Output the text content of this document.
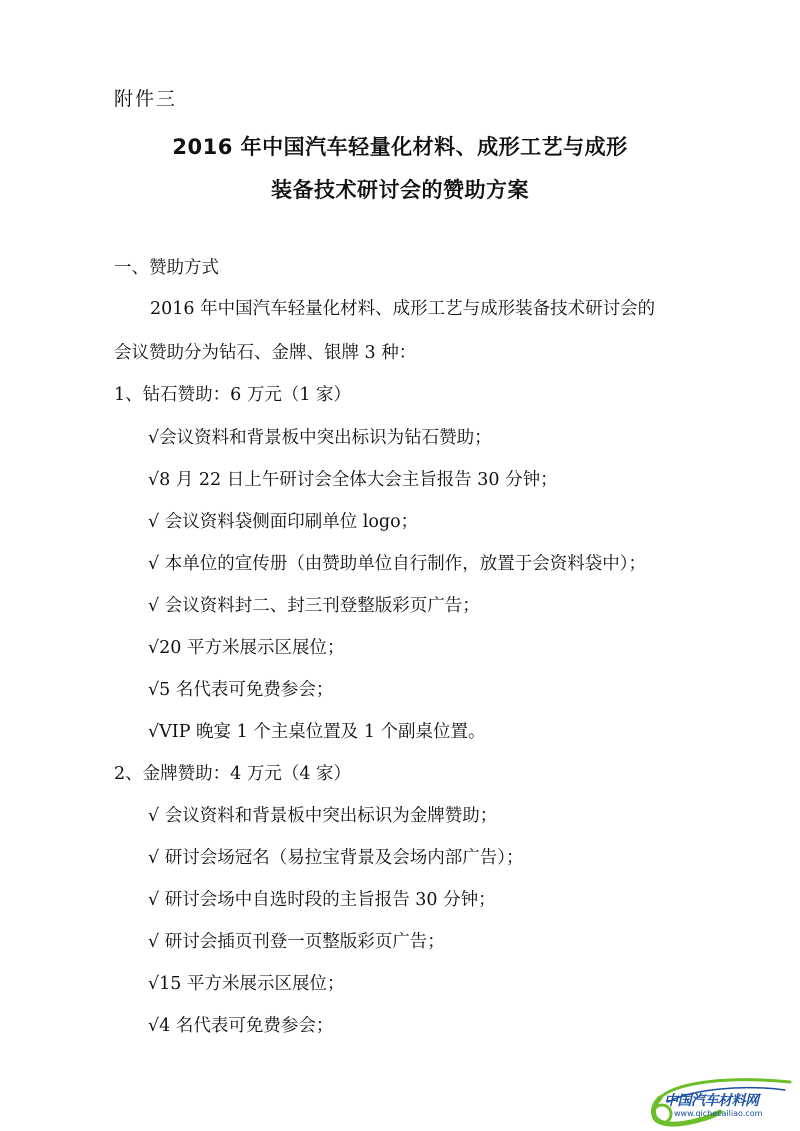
附件三
2016 年中国汽车轻量化材料、成形工艺与成形
装备技术研讨会的赞助方案
一、赞助方式
2016 年中国汽车轻量化材料、成形工艺与成形装备技术研讨会的
会议赞助分为钻石、金牌、银牌 3 种：
1、钻石赞助：6 万元（1 家）
√会议资料和背景板中突出标识为钻石赞助；
√8 月 22 日上午研讨会全体大会主旨报告 30 分钟；
√ 会议资料袋侧面印刷单位 logo；
√ 本单位的宣传册（由赞助单位自行制作，放置于会资料袋中）；
√ 会议资料封二、封三刊登整版彩页广告；
√20 平方米展示区展位；
√5 名代表可免费参会；
√VIP 晚宴 1 个主桌位置及 1 个副桌位置。
2、金牌赞助：4 万元（4 家）
√ 会议资料和背景板中突出标识为金牌赞助；
√ 研讨会场冠名（易拉宝背景及会场内部广告）；
√ 研讨会场中自选时段的主旨报告 30 分钟；
√ 研讨会插页刊登一页整版彩页广告；
√15 平方米展示区展位；
√4 名代表可免费参会；
中国汽车材料网
www.qichecailiao.com
